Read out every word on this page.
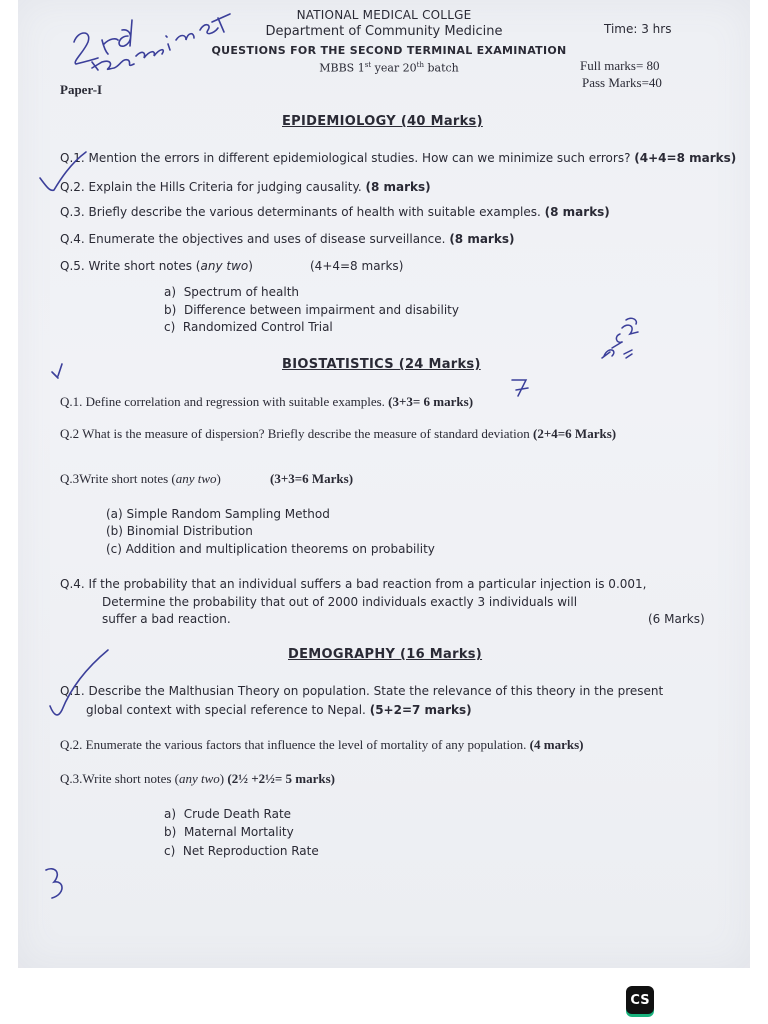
NATIONAL MEDICAL COLLGE
Department of Community Medicine
QUESTIONS FOR THE SECOND TERMINAL EXAMINATION
MBBS 1st year 20th batch
Time: 3 hrs
Full marks= 80
Pass Marks=40
Paper-I
EPIDEMIOLOGY (40 Marks)
Q.1. Mention the errors in different epidemiological studies. How can we minimize such errors? (4+4=8 marks)
Q.2. Explain the Hills Criteria for judging causality. (8 marks)
Q.3. Briefly describe the various determinants of health with suitable examples. (8 marks)
Q.4. Enumerate the objectives and uses of disease surveillance. (8 marks)
Q.5. Write short notes (any two)	(4+4=8 marks)
a) Spectrum of health
b) Difference between impairment and disability
c) Randomized Control Trial
BIOSTATISTICS (24 Marks)
Q.1. Define correlation and regression with suitable examples. (3+3= 6 marks)
Q.2 What is the measure of dispersion? Briefly describe the measure of standard deviation (2+4=6 Marks)
Q.3Write short notes (any two)	(3+3=6 Marks)
(a) Simple Random Sampling Method
(b) Binomial Distribution
(c) Addition and multiplication theorems on probability
Q.4. If the probability that an individual suffers a bad reaction from a particular injection is 0.001,
Determine the probability that out of 2000 individuals exactly 3 individuals will
suffer a bad reaction.	(6 Marks)
DEMOGRAPHY (16 Marks)
Q.1. Describe the Malthusian Theory on population. State the relevance of this theory in the present
global context with special reference to Nepal. (5+2=7 marks)
Q.2. Enumerate the various factors that influence the level of mortality of any population. (4 marks)
Q.3.Write short notes (any two) (2½ +2½= 5 marks)
a) Crude Death Rate
b) Maternal Mortality
c) Net Reproduction Rate
CS
